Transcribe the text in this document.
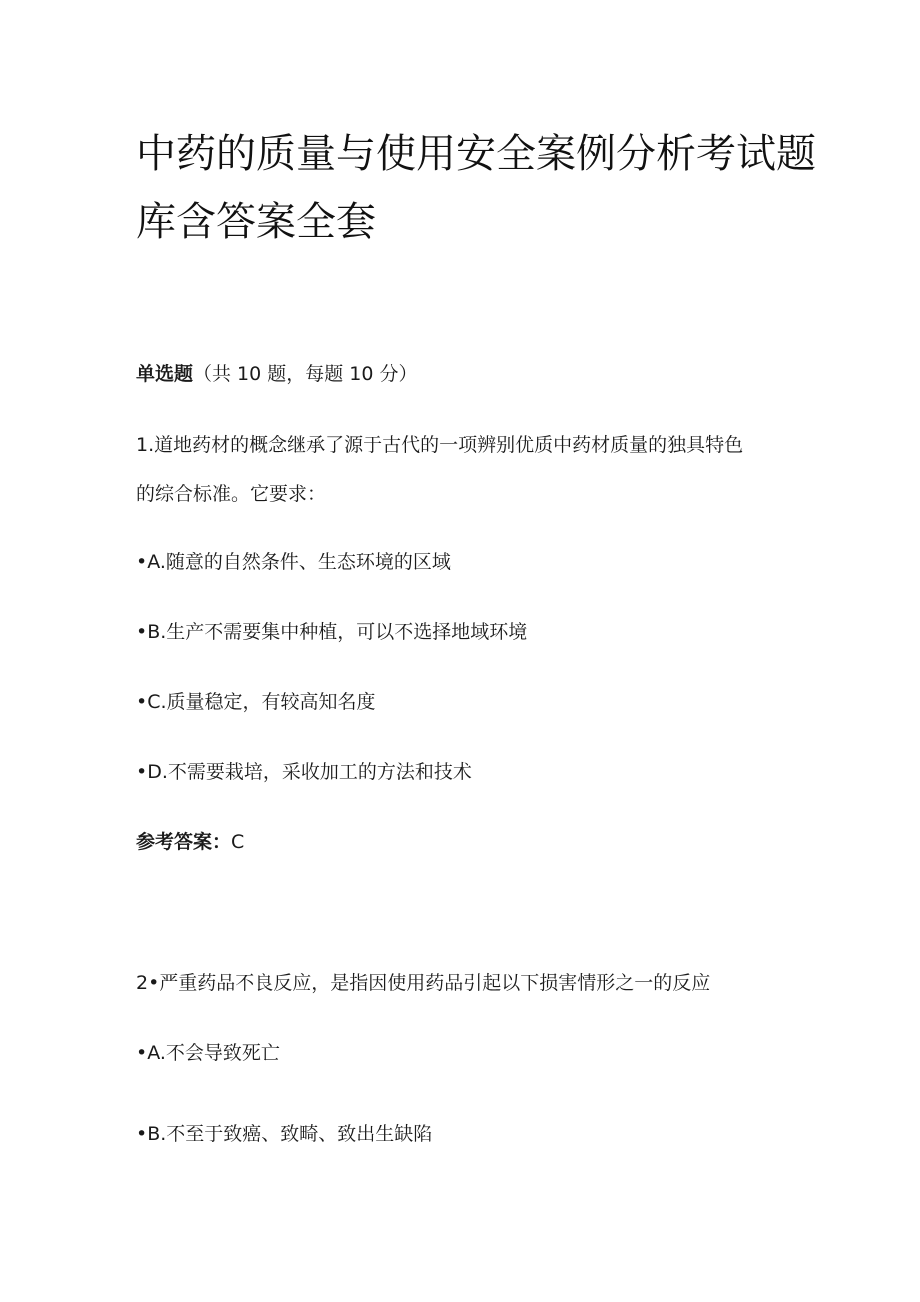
中药的质量与使用安全案例分析考试题库含答案全套
单选题（共 10 题，每题 10 分）
1.道地药材的概念继承了源于古代的一项辨别优质中药材质量的独具特色
的综合标准。它要求：
•A.随意的自然条件、生态环境的区域
•B.生产不需要集中种植，可以不选择地域环境
•C.质量稳定，有较高知名度
•D.不需要栽培，采收加工的方法和技术
参考答案：C
2•严重药品不良反应，是指因使用药品引起以下损害情形之一的反应
•A.不会导致死亡
•B.不至于致癌、致畸、致出生缺陷
